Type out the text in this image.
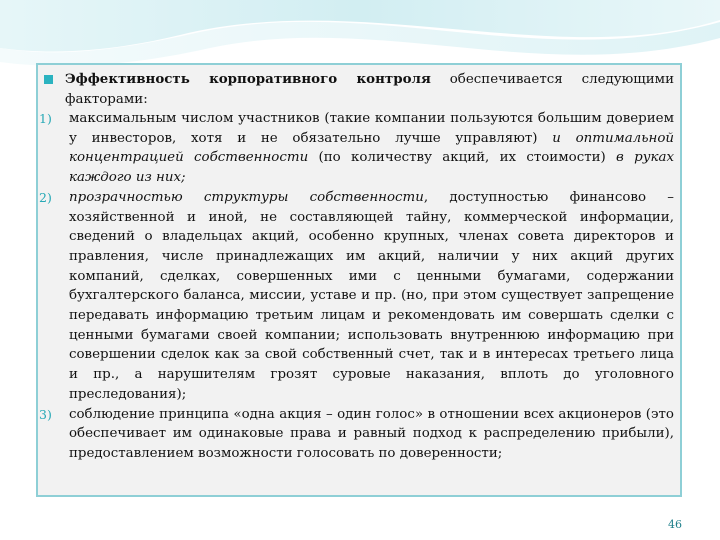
Эффективность корпоративного контроля обеспечивается следующими факторами:
1) максимальным числом участников (такие компании пользуются большим доверием у инвесторов, хотя и не обязательно лучше управляют) и оптимальной концентрацией собственности (по количеству акций, их стоимости) в руках каждого из них;
2) прозрачностью структуры собственности, доступностью финансово – хозяйственной и иной, не составляющей тайну, коммерческой информации, сведений о владельцах акций, особенно крупных, членах совета директоров и правления, числе принадлежащих им акций, наличии у них акций других компаний, сделках, совершенных ими с ценными бумагами, содержании бухгалтерского баланса, миссии, уставе и пр. (но, при этом существует запрещение передавать информацию третьим лицам и рекомендовать им совершать сделки с ценными бумагами своей компании; использовать внутреннюю информацию при совершении сделок как за свой собственный счет, так и в интересах третьего лица и пр., а нарушителям грозят суровые наказания, вплоть до уголовного преследования);
3) соблюдение принципа «одна акция – один голос» в отношении всех акционеров (это обеспечивает им одинаковые права и равный подход к распределению прибыли), предоставлением возможности голосовать по доверенности;
46
